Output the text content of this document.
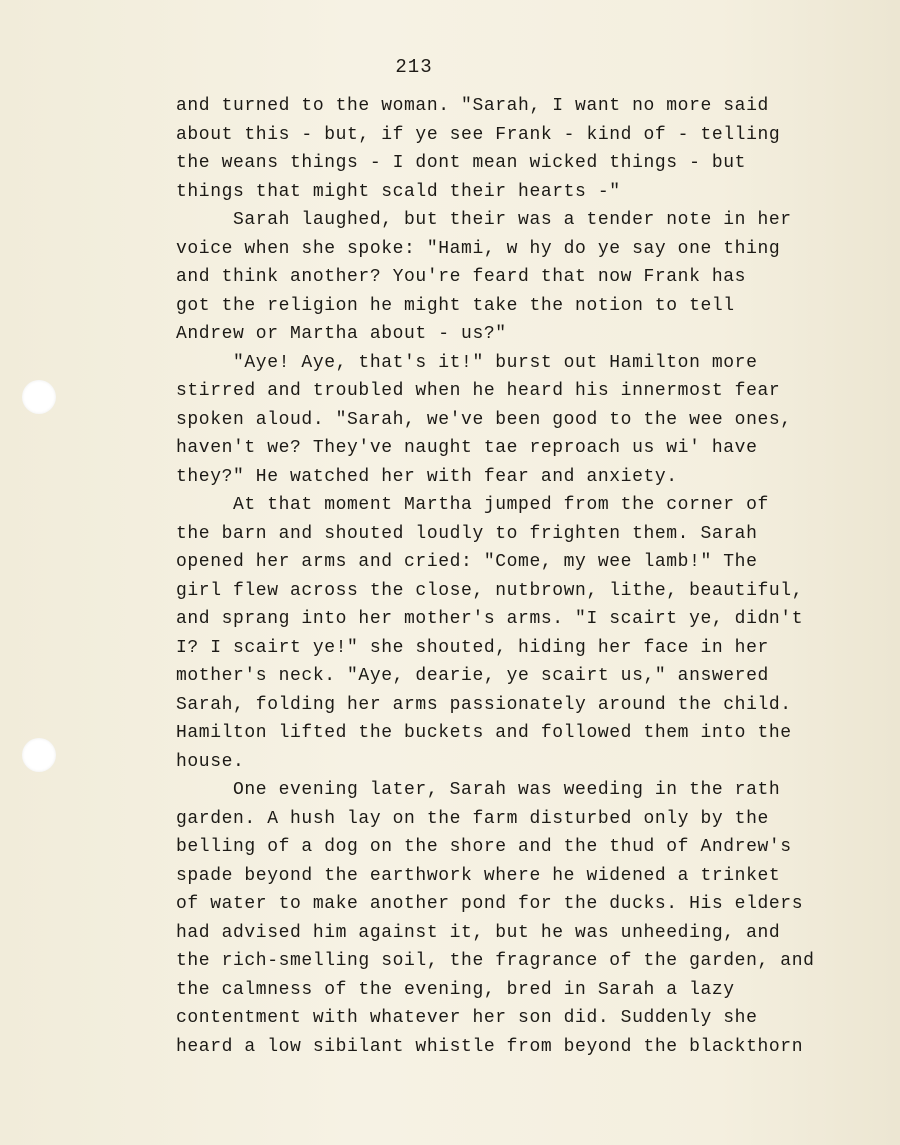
213
and turned to the woman. "Sarah, I want no more said
about this - but, if ye see Frank - kind of - telling
the weans things - I dont mean wicked things - but
things that might scald their hearts -"
Sarah laughed, but their was a tender note in her
voice when she spoke: "Hami, w hy do ye say one thing
and think another? You're feard that now Frank has
got the religion he might take the notion to tell
Andrew or Martha about - us?"
"Aye! Aye, that's it!" burst out Hamilton more
stirred and troubled when he heard his innermost fear
spoken aloud. "Sarah, we've been good to the wee ones,
haven't we? They've naught tae reproach us wi' have
they?" He watched her with fear and anxiety.
At that moment Martha jumped from the corner of
the barn and shouted loudly to frighten them. Sarah
opened her arms and cried: "Come, my wee lamb!" The
girl flew across the close, nutbrown, lithe, beautiful,
and sprang into her mother's arms. "I scairt ye, didn't
I? I scairt ye!" she shouted, hiding her face in her
mother's neck. "Aye, dearie, ye scairt us," answered
Sarah, folding her arms passionately around the child.
Hamilton lifted the buckets and followed them into the
house.
One evening later, Sarah was weeding in the rath
garden. A hush lay on the farm disturbed only by the
belling of a dog on the shore and the thud of Andrew's
spade beyond the earthwork where he widened a trinket
of water to make another pond for the ducks. His elders
had advised him against it, but he was unheeding, and
the rich-smelling soil, the fragrance of the garden, and
the calmness of the evening, bred in Sarah a lazy
contentment with whatever her son did. Suddenly she
heard a low sibilant whistle from beyond the blackthorn
